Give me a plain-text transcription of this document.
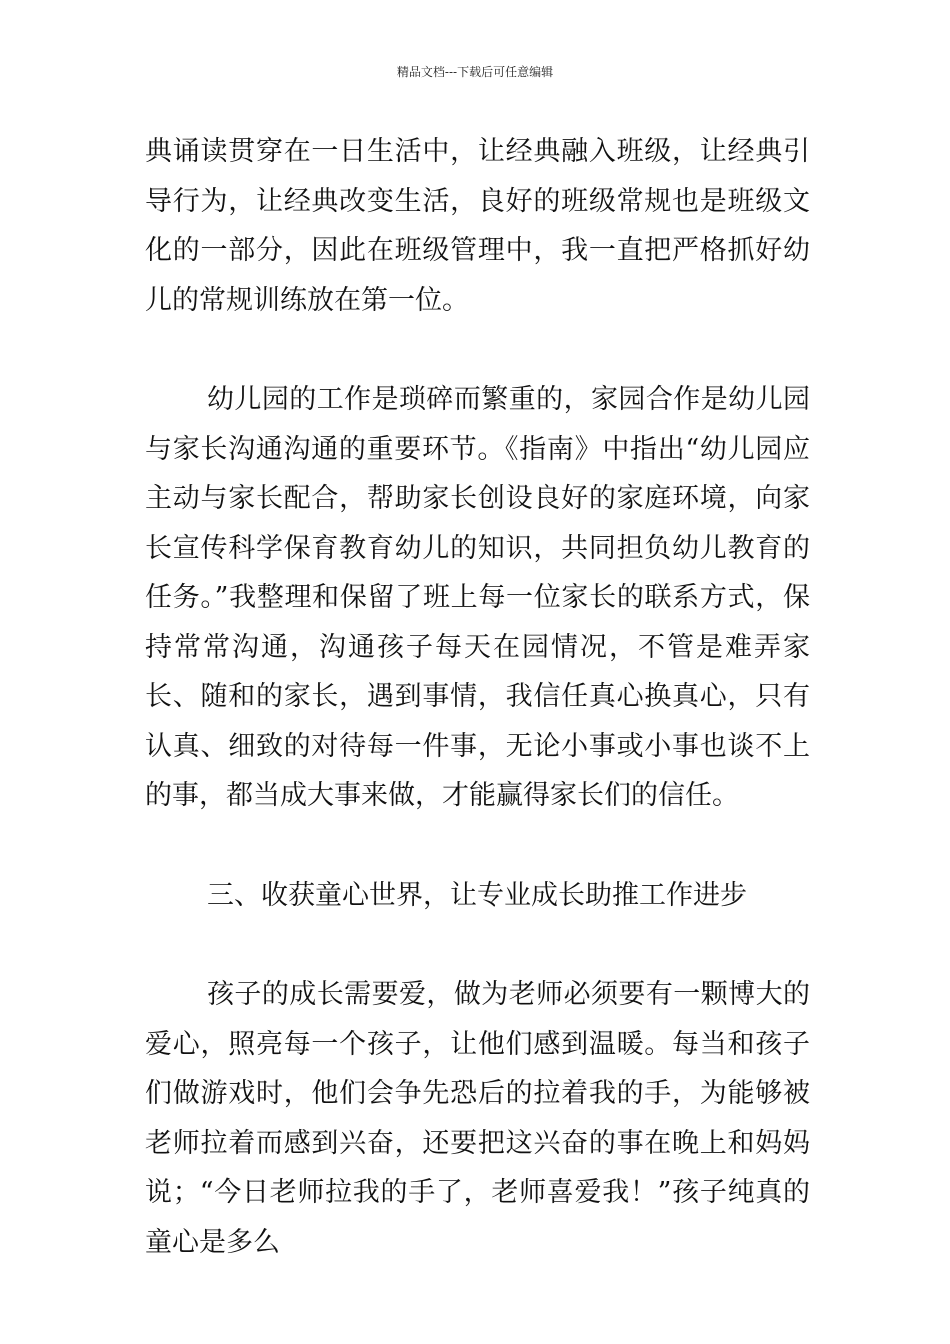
精品文档---下载后可任意编辑

典诵读贯穿在一日生活中，让经典融入班级，让经典引导行为，让经典改变生活，良好的班级常规也是班级文化的一部分，因此在班级管理中，我一直把严格抓好幼儿的常规训练放在第一位。

幼儿园的工作是琐碎而繁重的，家园合作是幼儿园与家长沟通沟通的重要环节。《指南》中指出“幼儿园应主动与家长配合，帮助家长创设良好的家庭环境，向家长宣传科学保育教育幼儿的知识，共同担负幼儿教育的任务。”我整理和保留了班上每一位家长的联系方式，保持常常沟通，沟通孩子每天在园情况，不管是难弄家长、随和的家长，遇到事情，我信任真心换真心，只有认真、细致的对待每一件事，无论小事或小事也谈不上的事，都当成大事来做，才能赢得家长们的信任。

三、收获童心世界，让专业成长助推工作进步

孩子的成长需要爱，做为老师必须要有一颗博大的爱心，照亮每一个孩子，让他们感到温暖。每当和孩子们做游戏时，他们会争先恐后的拉着我的手，为能够被老师拉着而感到兴奋，还要把这兴奋的事在晚上和妈妈说；“今日老师拉我的手了，老师喜爱我！”孩子纯真的童心是多么
